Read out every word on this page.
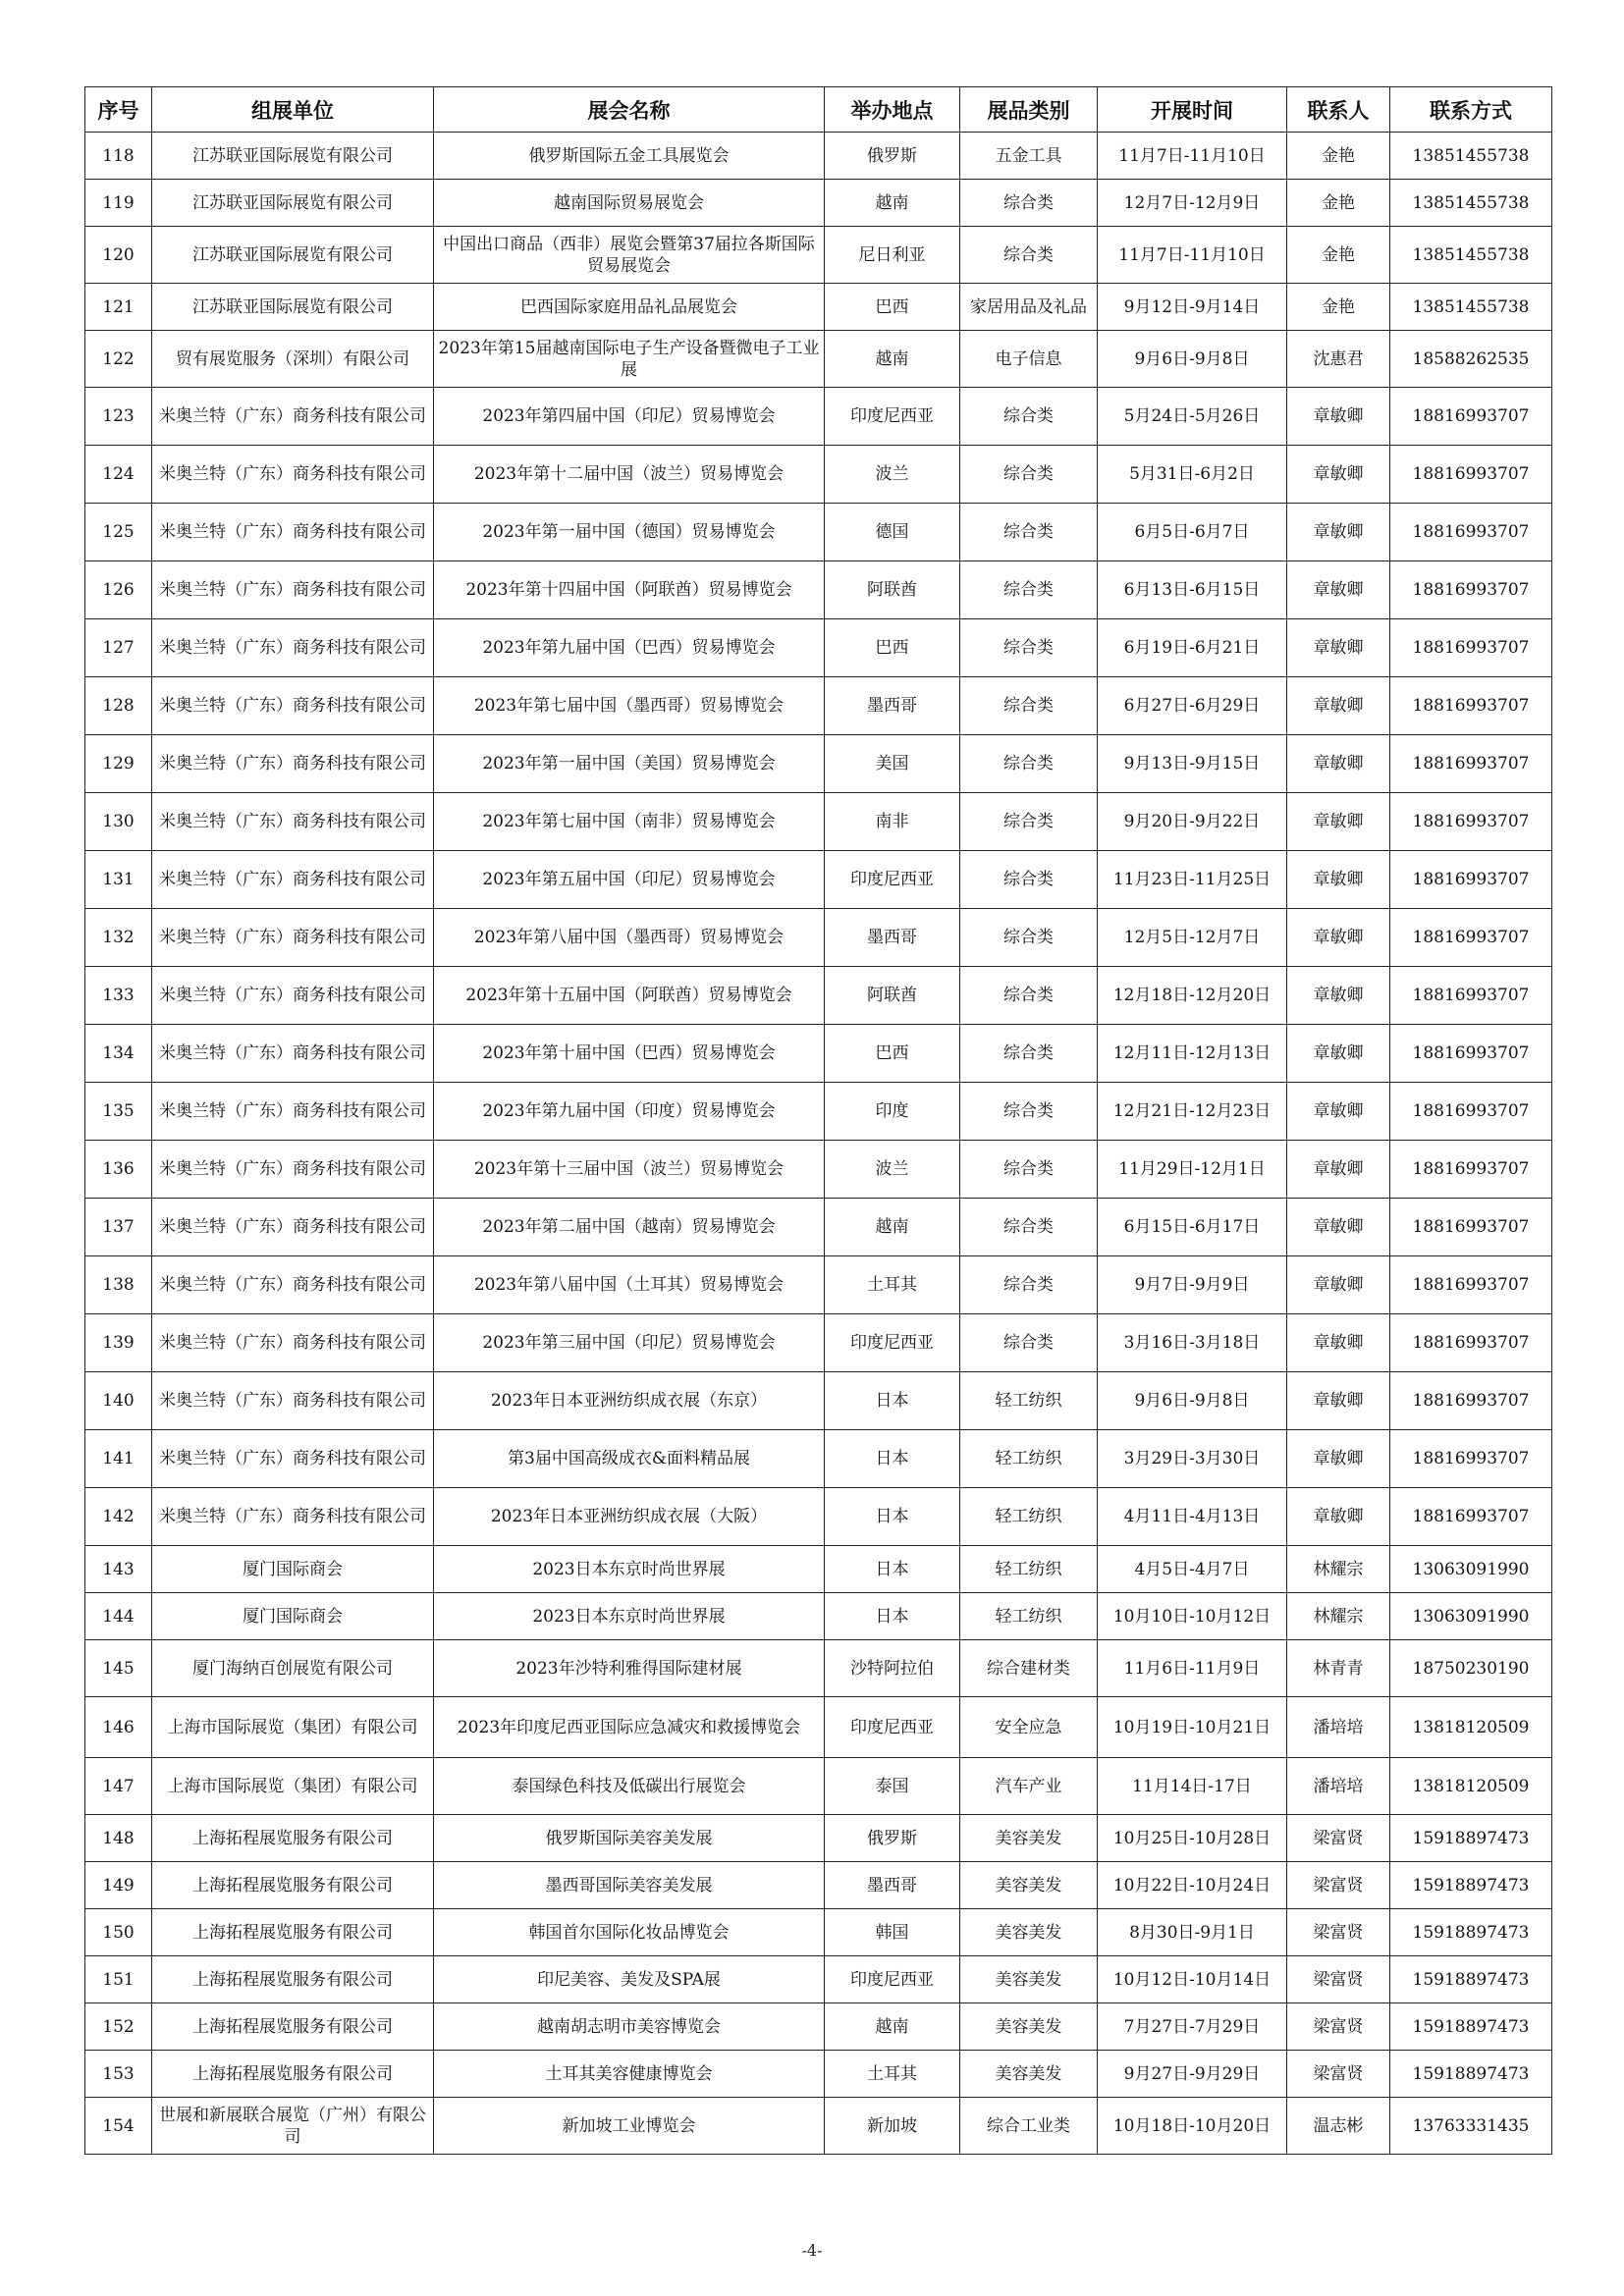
序号	组展单位	展会名称	举办地点	展品类别	开展时间	联系人	联系方式
118	江苏联亚国际展览有限公司	俄罗斯国际五金工具展览会	俄罗斯	五金工具	11月7日-11月10日	金艳	13851455738
119	江苏联亚国际展览有限公司	越南国际贸易展览会	越南	综合类	12月7日-12月9日	金艳	13851455738
120	江苏联亚国际展览有限公司	中国出口商品（西非）展览会暨第37届拉各斯国际贸易展览会	尼日利亚	综合类	11月7日-11月10日	金艳	13851455738
121	江苏联亚国际展览有限公司	巴西国际家庭用品礼品展览会	巴西	家居用品及礼品	9月12日-9月14日	金艳	13851455738
122	贸有展览服务（深圳）有限公司	2023年第15届越南国际电子生产设备暨微电子工业展	越南	电子信息	9月6日-9月8日	沈惠君	18588262535
123	米奥兰特（广东）商务科技有限公司	2023年第四届中国（印尼）贸易博览会	印度尼西亚	综合类	5月24日-5月26日	章敏卿	18816993707
124	米奥兰特（广东）商务科技有限公司	2023年第十二届中国（波兰）贸易博览会	波兰	综合类	5月31日-6月2日	章敏卿	18816993707
125	米奥兰特（广东）商务科技有限公司	2023年第一届中国（德国）贸易博览会	德国	综合类	6月5日-6月7日	章敏卿	18816993707
126	米奥兰特（广东）商务科技有限公司	2023年第十四届中国（阿联酋）贸易博览会	阿联酋	综合类	6月13日-6月15日	章敏卿	18816993707
127	米奥兰特（广东）商务科技有限公司	2023年第九届中国（巴西）贸易博览会	巴西	综合类	6月19日-6月21日	章敏卿	18816993707
128	米奥兰特（广东）商务科技有限公司	2023年第七届中国（墨西哥）贸易博览会	墨西哥	综合类	6月27日-6月29日	章敏卿	18816993707
129	米奥兰特（广东）商务科技有限公司	2023年第一届中国（美国）贸易博览会	美国	综合类	9月13日-9月15日	章敏卿	18816993707
130	米奥兰特（广东）商务科技有限公司	2023年第七届中国（南非）贸易博览会	南非	综合类	9月20日-9月22日	章敏卿	18816993707
131	米奥兰特（广东）商务科技有限公司	2023年第五届中国（印尼）贸易博览会	印度尼西亚	综合类	11月23日-11月25日	章敏卿	18816993707
132	米奥兰特（广东）商务科技有限公司	2023年第八届中国（墨西哥）贸易博览会	墨西哥	综合类	12月5日-12月7日	章敏卿	18816993707
133	米奥兰特（广东）商务科技有限公司	2023年第十五届中国（阿联酋）贸易博览会	阿联酋	综合类	12月18日-12月20日	章敏卿	18816993707
134	米奥兰特（广东）商务科技有限公司	2023年第十届中国（巴西）贸易博览会	巴西	综合类	12月11日-12月13日	章敏卿	18816993707
135	米奥兰特（广东）商务科技有限公司	2023年第九届中国（印度）贸易博览会	印度	综合类	12月21日-12月23日	章敏卿	18816993707
136	米奥兰特（广东）商务科技有限公司	2023年第十三届中国（波兰）贸易博览会	波兰	综合类	11月29日-12月1日	章敏卿	18816993707
137	米奥兰特（广东）商务科技有限公司	2023年第二届中国（越南）贸易博览会	越南	综合类	6月15日-6月17日	章敏卿	18816993707
138	米奥兰特（广东）商务科技有限公司	2023年第八届中国（土耳其）贸易博览会	土耳其	综合类	9月7日-9月9日	章敏卿	18816993707
139	米奥兰特（广东）商务科技有限公司	2023年第三届中国（印尼）贸易博览会	印度尼西亚	综合类	3月16日-3月18日	章敏卿	18816993707
140	米奥兰特（广东）商务科技有限公司	2023年日本亚洲纺织成衣展（东京）	日本	轻工纺织	9月6日-9月8日	章敏卿	18816993707
141	米奥兰特（广东）商务科技有限公司	第3届中国高级成衣&面料精品展	日本	轻工纺织	3月29日-3月30日	章敏卿	18816993707
142	米奥兰特（广东）商务科技有限公司	2023年日本亚洲纺织成衣展（大阪）	日本	轻工纺织	4月11日-4月13日	章敏卿	18816993707
143	厦门国际商会	2023日本东京时尚世界展	日本	轻工纺织	4月5日-4月7日	林耀宗	13063091990
144	厦门国际商会	2023日本东京时尚世界展	日本	轻工纺织	10月10日-10月12日	林耀宗	13063091990
145	厦门海纳百创展览有限公司	2023年沙特利雅得国际建材展	沙特阿拉伯	综合建材类	11月6日-11月9日	林青青	18750230190
146	上海市国际展览（集团）有限公司	2023年印度尼西亚国际应急减灾和救援博览会	印度尼西亚	安全应急	10月19日-10月21日	潘培培	13818120509
147	上海市国际展览（集团）有限公司	泰国绿色科技及低碳出行展览会	泰国	汽车产业	11月14日-17日	潘培培	13818120509
148	上海拓程展览服务有限公司	俄罗斯国际美容美发展	俄罗斯	美容美发	10月25日-10月28日	梁富贤	15918897473
149	上海拓程展览服务有限公司	墨西哥国际美容美发展	墨西哥	美容美发	10月22日-10月24日	梁富贤	15918897473
150	上海拓程展览服务有限公司	韩国首尔国际化妆品博览会	韩国	美容美发	8月30日-9月1日	梁富贤	15918897473
151	上海拓程展览服务有限公司	印尼美容、美发及SPA展	印度尼西亚	美容美发	10月12日-10月14日	梁富贤	15918897473
152	上海拓程展览服务有限公司	越南胡志明市美容博览会	越南	美容美发	7月27日-7月29日	梁富贤	15918897473
153	上海拓程展览服务有限公司	土耳其美容健康博览会	土耳其	美容美发	9月27日-9月29日	梁富贤	15918897473
154	世展和新展联合展览（广州）有限公司	新加坡工业博览会	新加坡	综合工业类	10月18日-10月20日	温志彬	13763331435
-4-
